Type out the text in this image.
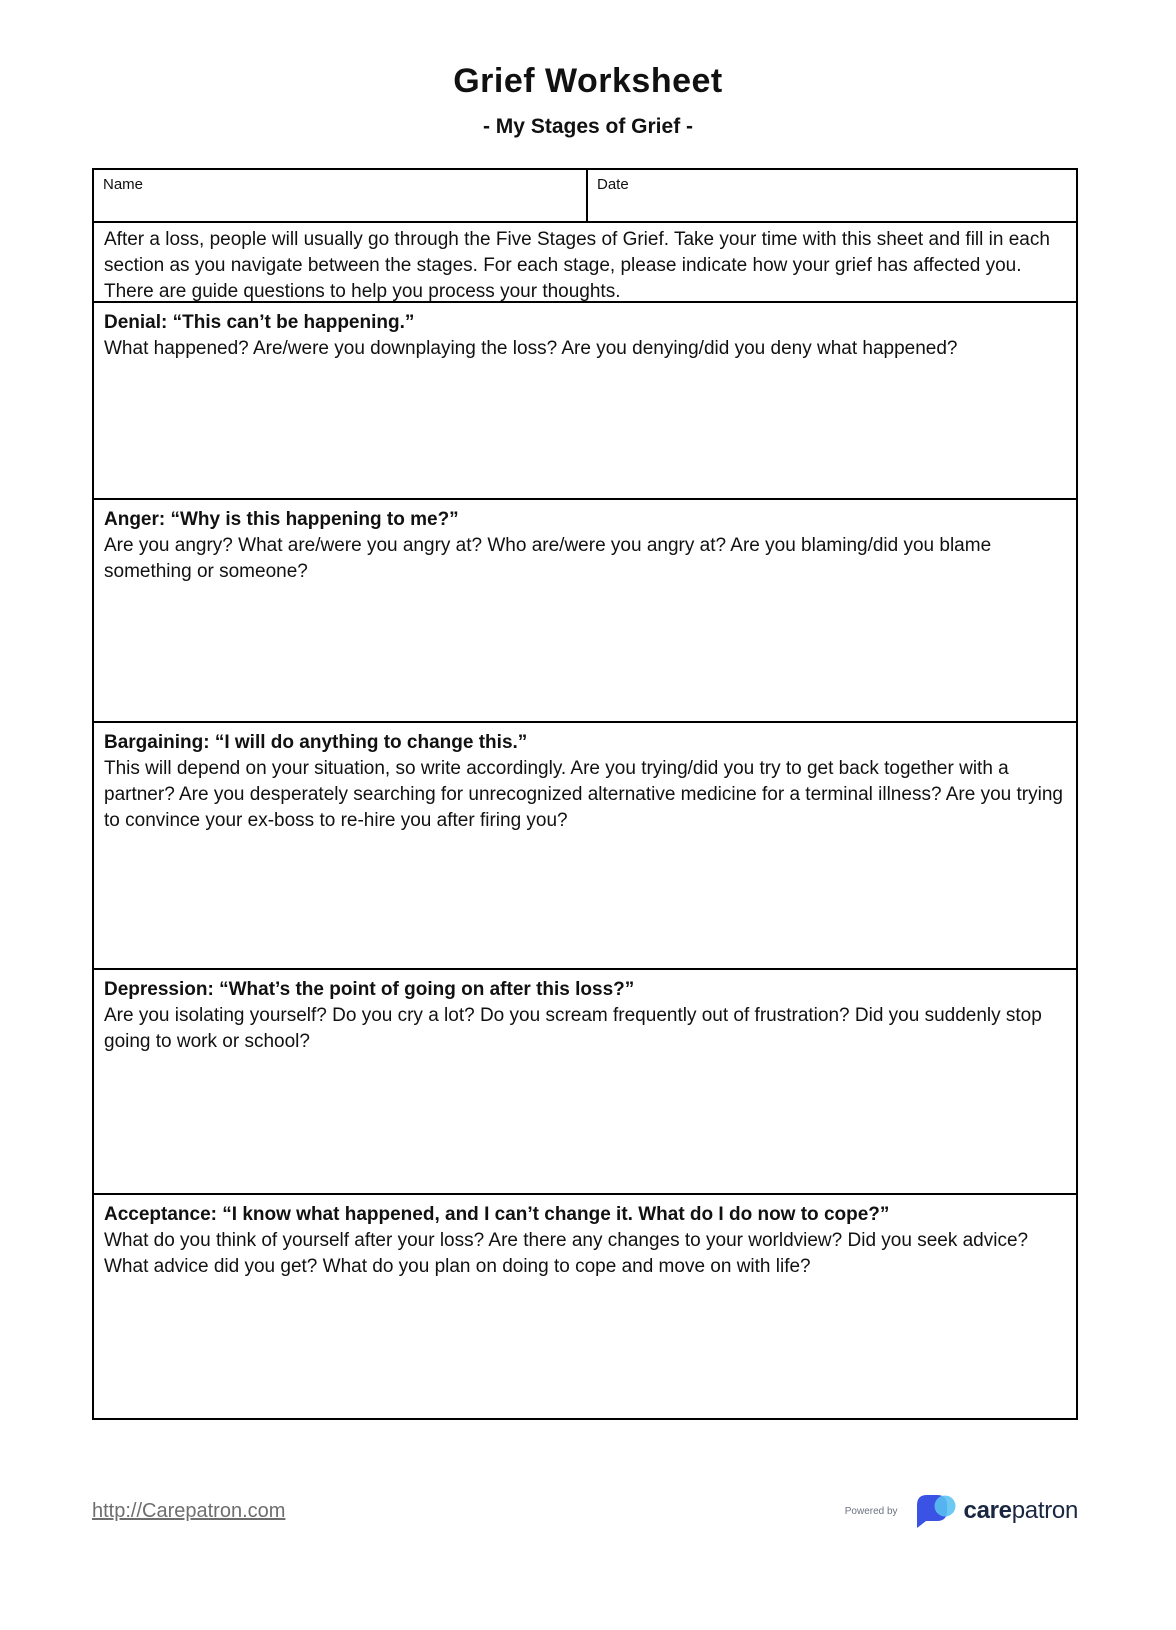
Grief Worksheet
- My Stages of Grief -
Name	Date
After a loss, people will usually go through the Five Stages of Grief. Take your time with this sheet and fill in each section as you navigate between the stages. For each stage, please indicate how your grief has affected you. There are guide questions to help you process your thoughts.
Denial: “This can’t be happening.”
What happened? Are/were you downplaying the loss? Are you denying/did you deny what happened?
Anger: “Why is this happening to me?”
Are you angry? What are/were you angry at? Who are/were you angry at? Are you blaming/did you blame something or someone?
Bargaining: “I will do anything to change this.”
This will depend on your situation, so write accordingly. Are you trying/did you try to get back together with a partner? Are you desperately searching for unrecognized alternative medicine for a terminal illness? Are you trying to convince your ex-boss to re-hire you after firing you?
Depression: “What’s the point of going on after this loss?”
Are you isolating yourself? Do you cry a lot? Do you scream frequently out of frustration? Did you suddenly stop going to work or school?
Acceptance: “I know what happened, and I can’t change it. What do I do now to cope?”
What do you think of yourself after your loss? Are there any changes to your worldview? Did you seek advice? What advice did you get? What do you plan on doing to cope and move on with life?
http://Carepatron.com	Powered by	carepatron
